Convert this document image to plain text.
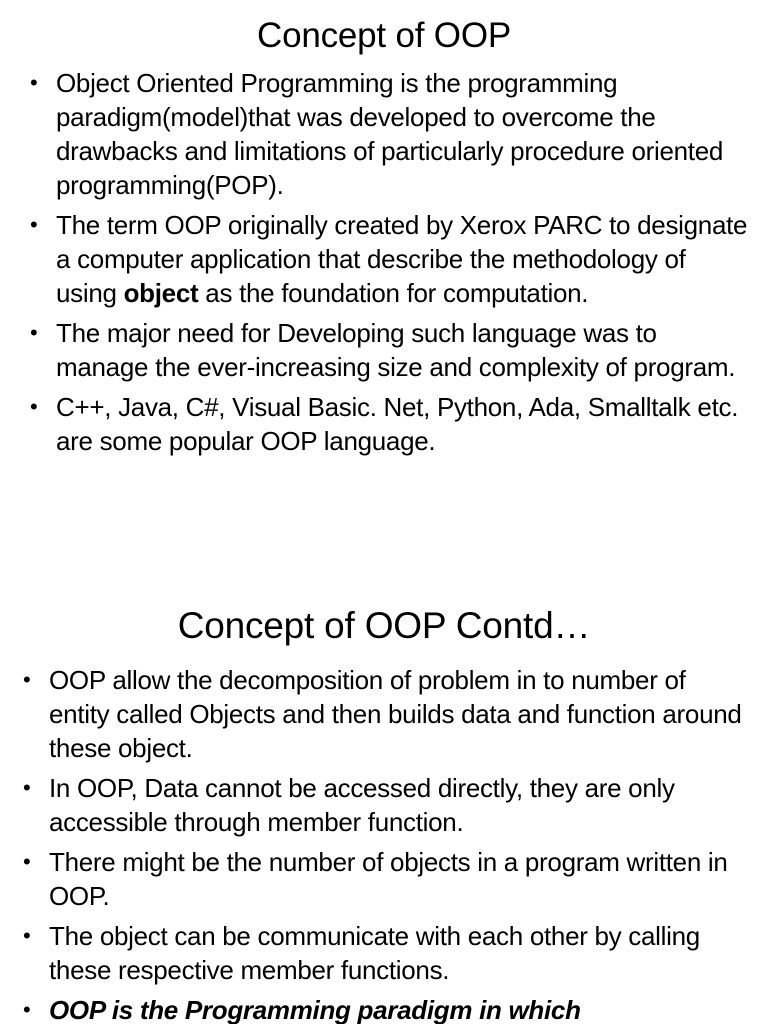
Concept of OOP
• Object Oriented Programming is the programming paradigm(model)that was developed to overcome the drawbacks and limitations of particularly procedure oriented programming(POP).
• The term OOP originally created by Xerox PARC to designate a computer application that describe the methodology of using object as the foundation for computation.
• The major need for Developing such language was to manage the ever-increasing size and complexity of program.
• C++, Java, C#, Visual Basic. Net, Python, Ada, Smalltalk etc. are some popular OOP language.
Concept of OOP Contd…
• OOP allow the decomposition of problem in to number of entity called Objects and then builds data and function around these object.
• In OOP, Data cannot be accessed directly, they are only accessible through member function.
• There might be the number of objects in a program written in OOP.
• The object can be communicate with each other by calling these respective member functions.
• OOP is the Programming paradigm in which
